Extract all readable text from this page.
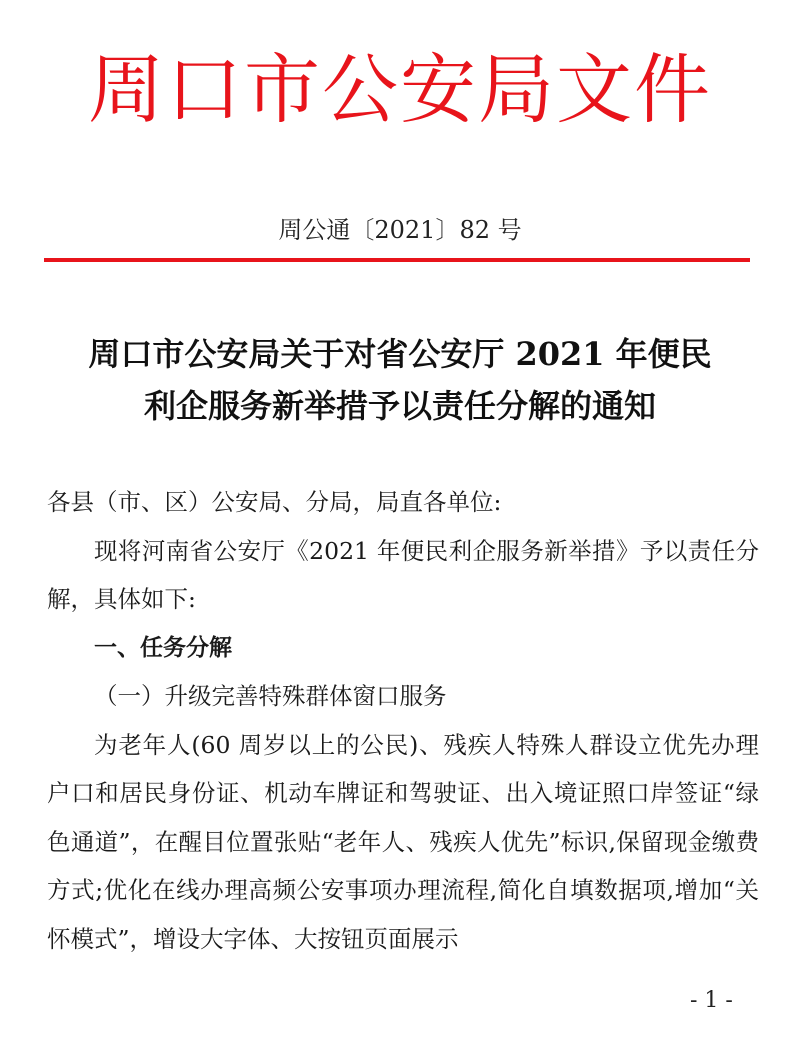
周口市公安局文件
周公通〔2021〕82 号
周口市公安局关于对省公安厅 2021 年便民
利企服务新举措予以责任分解的通知

各县（市、区）公安局、分局，局直各单位:

现将河南省公安厅《2021 年便民利企服务新举措》予以责任分解，具体如下:

一、任务分解

（一）升级完善特殊群体窗口服务

为老年人(60 周岁以上的公民)、残疾人特殊人群设立优先办理户口和居民身份证、机动车牌证和驾驶证、出入境证照口岸签证“绿色通道”，在醒目位置张贴“老年人、残疾人优先”标识,保留现金缴费方式;优化在线办理高频公安事项办理流程,简化自填数据项,增加“关怀模式”，增设大字体、大按钮页面展示

- 1 -
